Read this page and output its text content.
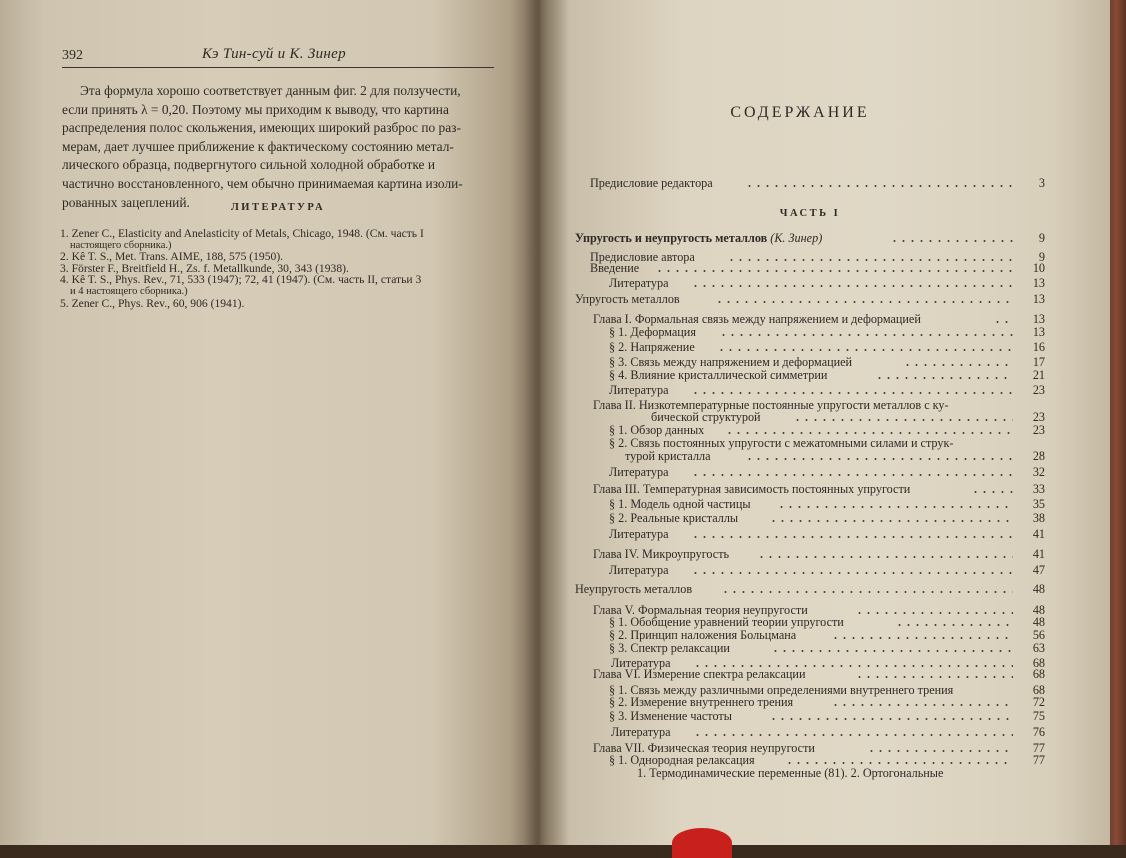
392	Кэ Тин-суй и К. Зинер
Эта формула хорошо соответствует данным фиг. 2 для ползучести,
если принять λ = 0,20. Поэтому мы приходим к выводу, что картина
распределения полос скольжения, имеющих широкий разброс по раз-
мерам, дает лучшее приближение к фактическому состоянию метал-
лического образца, подвергнутого сильной холодной обработке и
частично восстановленного, чем обычно принимаемая картина изоли-
рованных зацеплений.	ЛИТЕРАТУРА
1. Zener C., Elasticity and Anelasticity of Metals, Chicago, 1948. (См. часть I
настоящего сборника.)
2. Kê T. S., Met. Trans. AIME, 188, 575 (1950).
3. Förster F., Breitfield H., Zs. f. Metallkunde, 30, 343 (1938).
4. Kê T. S., Phys. Rev., 71, 533 (1947); 72, 41 (1947). (См. часть II, статьи 3
и 4 настоящего сборника.)
5. Zener C., Phys. Rev., 60, 906 (1941).
СОДЕРЖАНИЕ
Предисловие редактора	3
ЧАСТЬ I
Упругость и неупругость металлов (К. Зинер)	9
Предисловие автора	9
Введение	10
Литература	13
Упругость металлов	13
Глава I. Формальная связь между напряжением и деформацией	13
§ 1. Деформация	13
§ 2. Напряжение	16
§ 3. Связь между напряжением и деформацией	17
§ 4. Влияние кристаллической симметрии	21
Литература	23
Глава II. Низкотемпературные постоянные упругости металлов с ку-
бической структурой	23
§ 1. Обзор данных	23
§ 2. Связь постоянных упругости с межатомными силами и струк-
турой кристалла	28
Литература	32
Глава III. Температурная зависимость постоянных упругости	33
§ 1. Модель одной частицы	35
§ 2. Реальные кристаллы	38
Литература	41
Глава IV. Микроупругость	41
Литература	47
Неупругость металлов	48
Глава V. Формальная теория неупругости	48
§ 1. Обобщение уравнений теории упругости	48
§ 2. Принцип наложения Больцмана	56
§ 3. Спектр релаксации	63
Литература	68
Глава VI. Измерение спектра релаксации	68
§ 1. Связь между различными определениями внутреннего трения	68
§ 2. Измерение внутреннего трения	72
§ 3. Изменение частоты	75
Литература	76
Глава VII. Физическая теория неупругости	77
§ 1. Однородная релаксация	77
1. Термодинамические переменные (81). 2. Ортогональные
